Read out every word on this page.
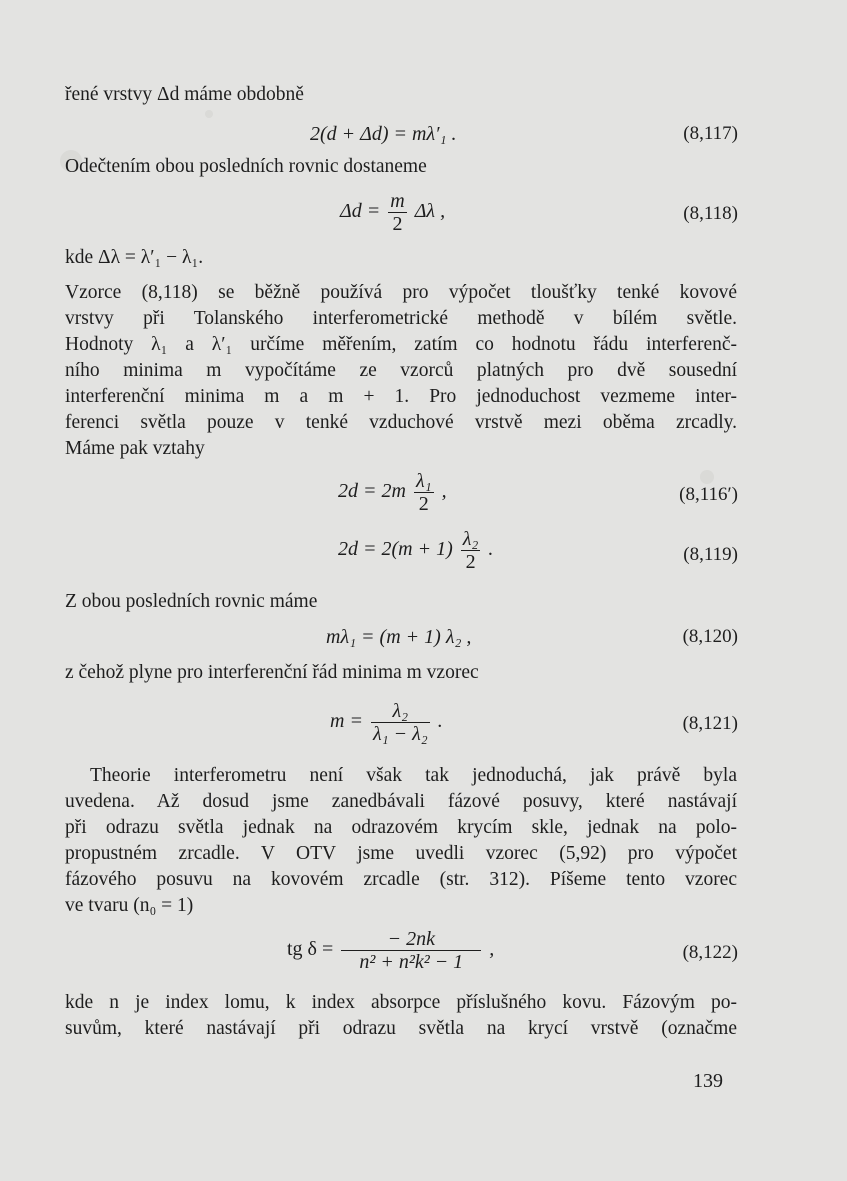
řené vrstvy Δd máme obdobně
2(d + Δd) = mλ′₁ .	(8,117)
Odečtením obou posledních rovnic dostaneme
$\Delta d = \frac{m}{2}$ Δλ ,	(8,118)
kde Δλ = λ′₁ − λ₁.
Vzorce (8,118) se běžně používá pro výpočet tloušťky tenké kovové
vrstvy při Tolanského interferometrické methodě v bílém světle.
Hodnoty λ₁ a λ′₁ určíme měřením, zatím co hodnotu řádu interferenč-
ního minima m vypočítáme ze vzorců platných pro dvě sousední
interferenční minima m a m + 1. Pro jednoduchost vezmeme inter-
ferenci světla pouze v tenké vzduchové vrstvě mezi oběma zrcadly.
Máme pak vztahy
$2d = 2m \frac{\text{λ₁}}{2}$ ,	(8,116′)
$2d = 2(m + 1) \frac{\text{λ₂}}{2}$ .	(8,119)
Z obou posledních rovnic máme
mλ₁ = (m + 1) λ₂ ,	(8,120)
z čehož plyne pro interferenční řád minima m vzorec
$m = \frac{\text{λ₂}}{\text{λ₁ − λ₂}}$ .	(8,121)
Theorie interferometru není však tak jednoduchá, jak právě byla
uvedena. Až dosud jsme zanedbávali fázové posuvy, které nastávají
při odrazu světla jednak na odrazovém krycím skle, jednak na polo-
propustném zrcadle. V OTV jsme uvedli vzorec (5,92) pro výpočet
fázového posuvu na kovovém zrcadle (str. 312). Píšeme tento vzorec
ve tvaru (n₀ = 1)
tg $\delta = \frac{- 2nk}{\text{n² + n²k² − 1}}$ ,	(8,122)
kde n je index lomu, k index absorpce příslušného kovu. Fázovým po-
suvům, které nastávají při odrazu světla na krycí vrstvě (označme
139
